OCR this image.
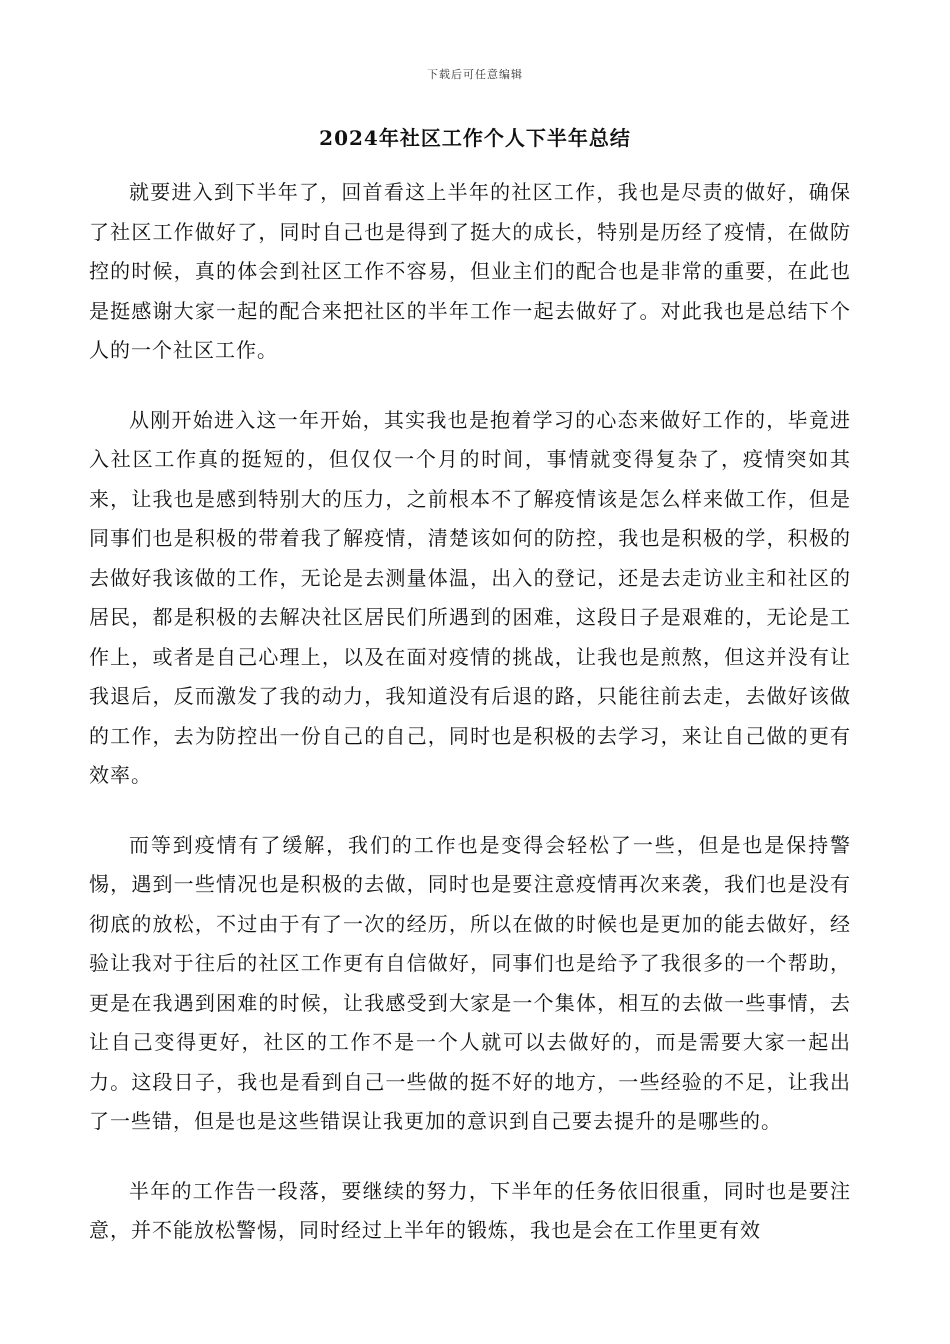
下载后可任意编辑
2024年社区工作个人下半年总结

就要进入到下半年了，回首看这上半年的社区工作，我也是尽责的做好，确保了社区工作做好了，同时自己也是得到了挺大的成长，特别是历经了疫情，在做防控的时候，真的体会到社区工作不容易，但业主们的配合也是非常的重要，在此也是挺感谢大家一起的配合来把社区的半年工作一起去做好了。对此我也是总结下个人的一个社区工作。

从刚开始进入这一年开始，其实我也是抱着学习的心态来做好工作的，毕竟进入社区工作真的挺短的，但仅仅一个月的时间，事情就变得复杂了，疫情突如其来，让我也是感到特别大的压力，之前根本不了解疫情该是怎么样来做工作，但是同事们也是积极的带着我了解疫情，清楚该如何的防控，我也是积极的学，积极的去做好我该做的工作，无论是去测量体温，出入的登记，还是去走访业主和社区的居民，都是积极的去解决社区居民们所遇到的困难，这段日子是艰难的，无论是工作上，或者是自己心理上，以及在面对疫情的挑战，让我也是煎熬，但这并没有让我退后，反而激发了我的动力，我知道没有后退的路，只能往前去走，去做好该做的工作，去为防控出一份自己的自己，同时也是积极的去学习，来让自己做的更有效率。

而等到疫情有了缓解，我们的工作也是变得会轻松了一些，但是也是保持警惕，遇到一些情况也是积极的去做，同时也是要注意疫情再次来袭，我们也是没有彻底的放松，不过由于有了一次的经历，所以在做的时候也是更加的能去做好，经验让我对于往后的社区工作更有自信做好，同事们也是给予了我很多的一个帮助，更是在我遇到困难的时候，让我感受到大家是一个集体，相互的去做一些事情，去让自己变得更好，社区的工作不是一个人就可以去做好的，而是需要大家一起出力。这段日子，我也是看到自己一些做的挺不好的地方，一些经验的不足，让我出了一些错，但是也是这些错误让我更加的意识到自己要去提升的是哪些的。

半年的工作告一段落，要继续的努力，下半年的任务依旧很重，同时也是要注意，并不能放松警惕，同时经过上半年的锻炼，我也是会在工作里更有效
